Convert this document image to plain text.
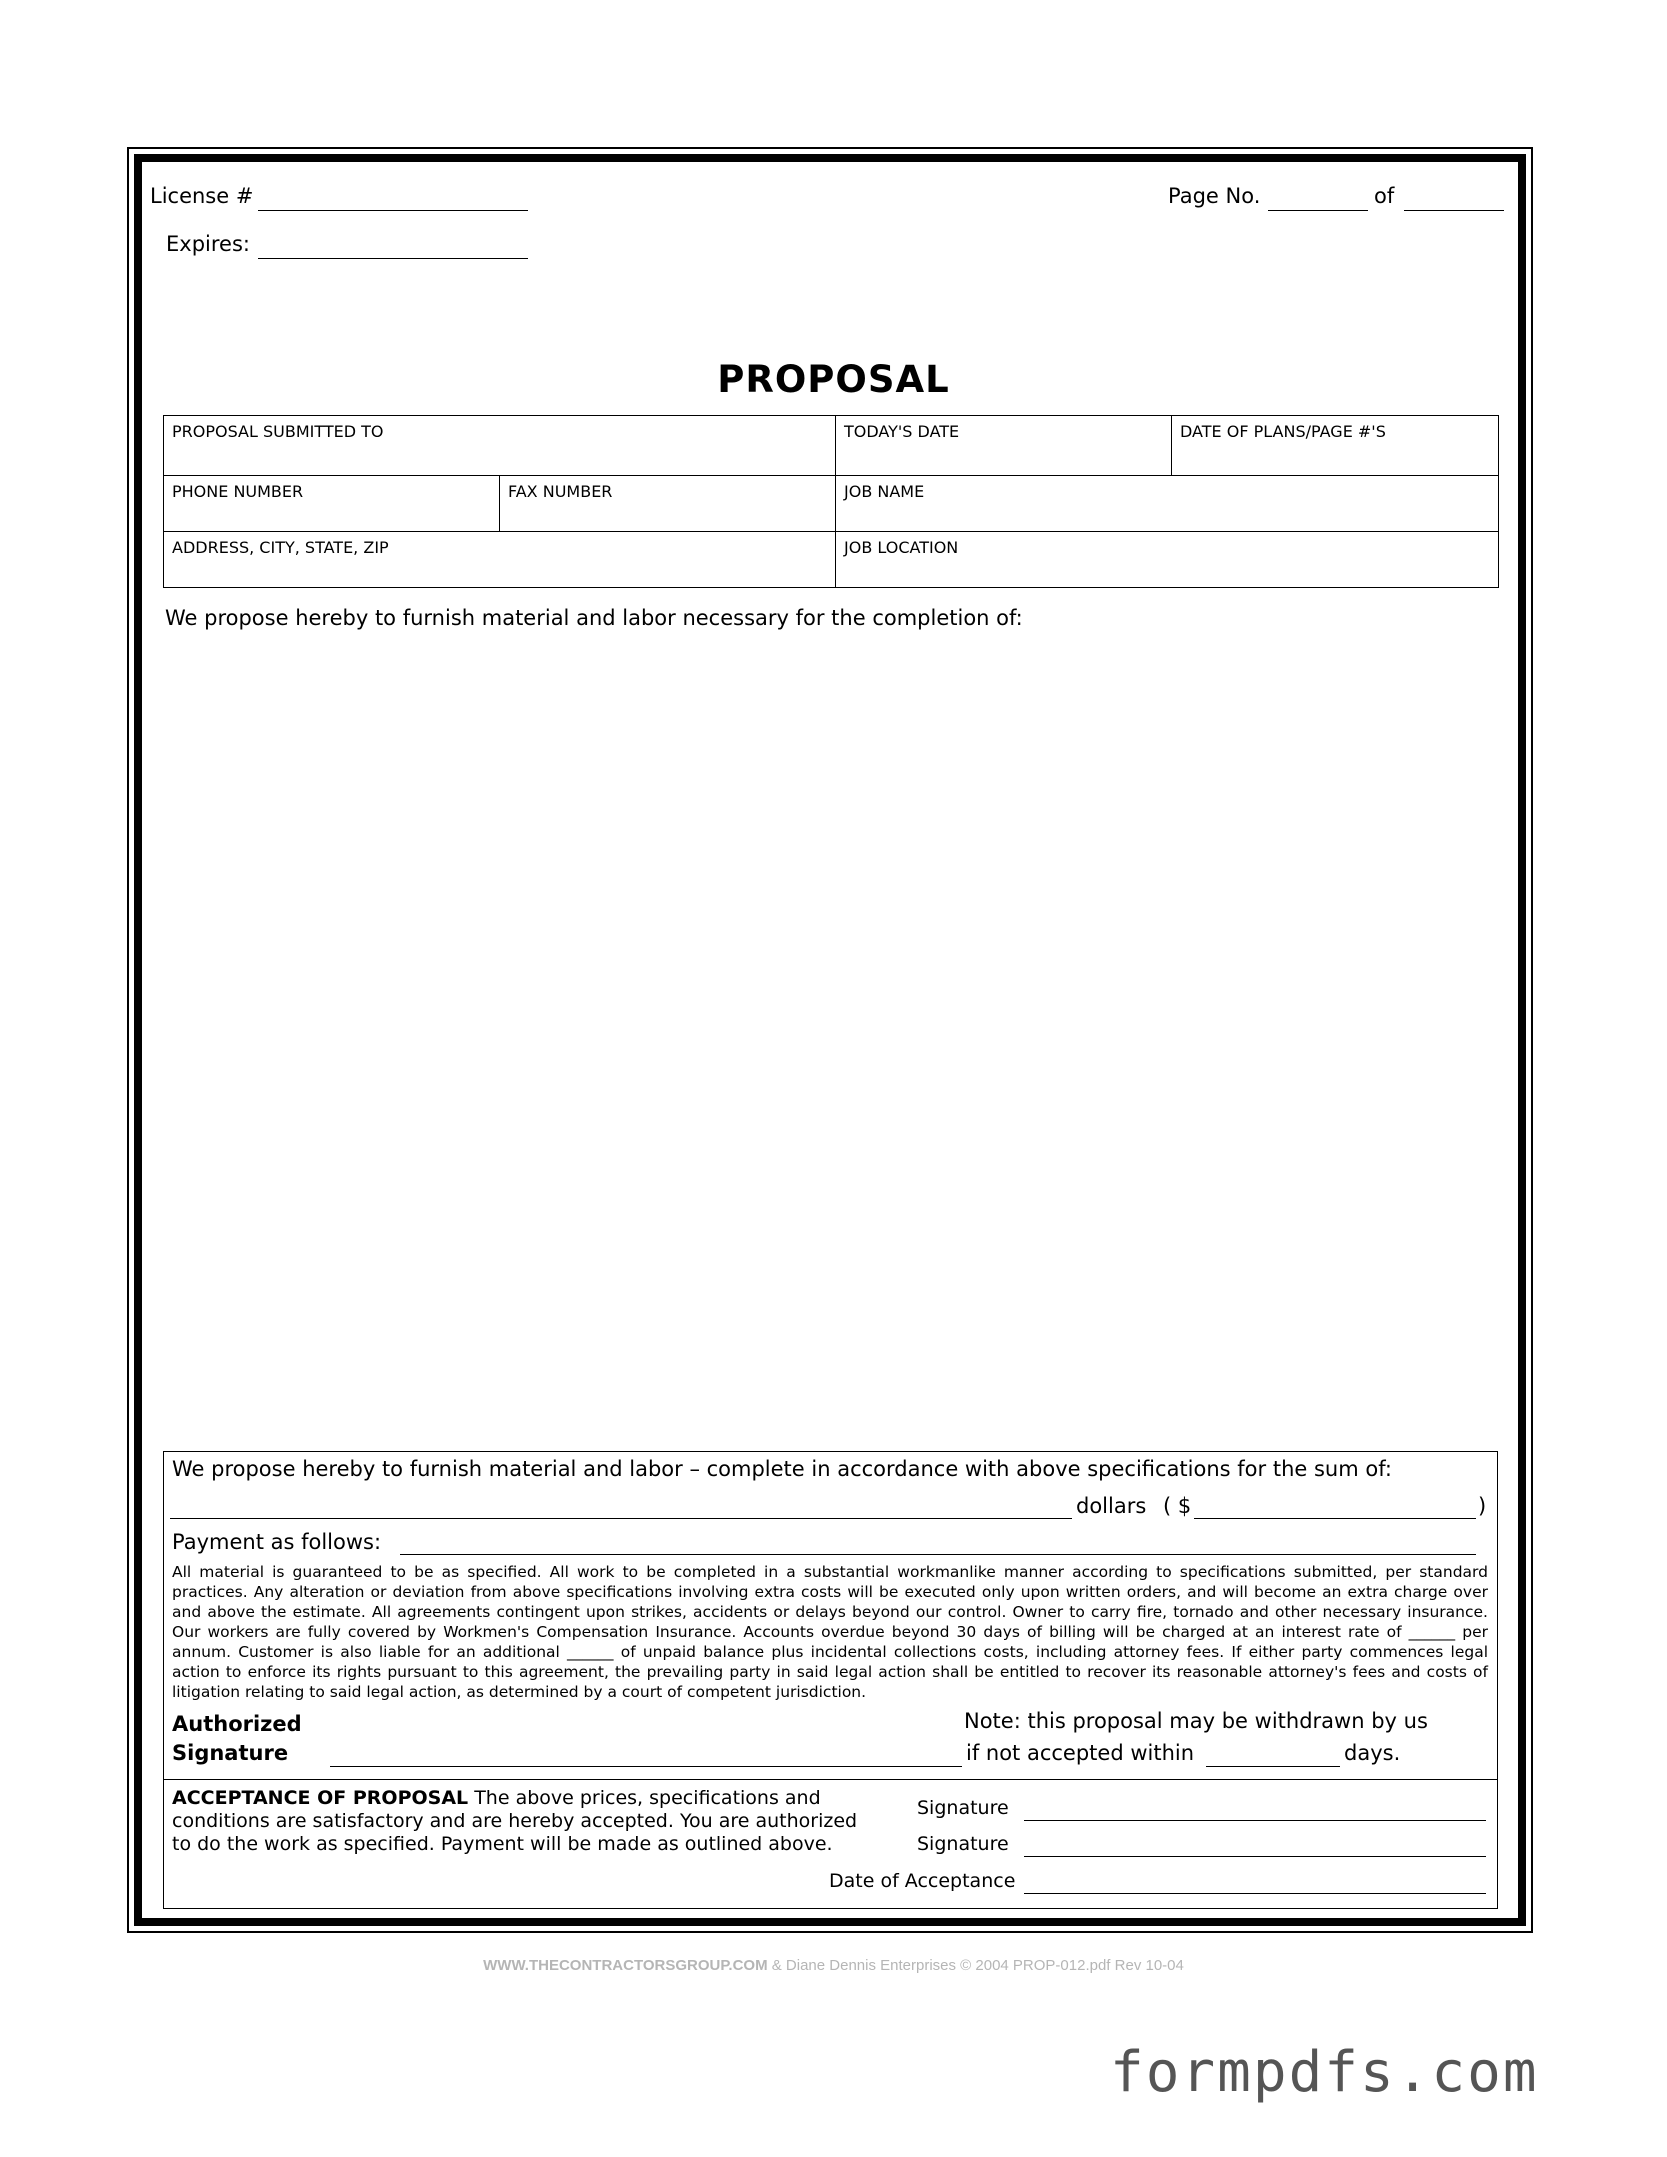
License #
Expires:
Page No.	of
PROPOSAL
PROPOSAL SUBMITTED TO		TODAY'S DATE	DATE OF PLANS/PAGE #'S
PHONE NUMBER	FAX NUMBER	JOB NAME	
ADDRESS, CITY, STATE, ZIP		JOB LOCATION	
We propose hereby to furnish material and labor necessary for the completion of:
We propose hereby to furnish material and labor – complete in accordance with above specifications for the sum of:
dollars ( $	)
Payment as follows:
All material is guaranteed to be as specified. All work to be completed in a substantial workmanlike manner according to specifications submitted, per standard practices. Any alteration or deviation from above specifications involving extra costs will be executed only upon written orders, and will become an extra charge over and above the estimate. All agreements contingent upon strikes, accidents or delays beyond our control. Owner to carry fire, tornado and other necessary insurance. Our workers are fully covered by Workmen's Compensation Insurance. Accounts overdue beyond 30 days of billing will be charged at an interest rate of ______ per annum. Customer is also liable for an additional ______ of unpaid balance plus incidental collections costs, including attorney fees. If either party commences legal action to enforce its rights pursuant to this agreement, the prevailing party in said legal action shall be entitled to recover its reasonable attorney's fees and costs of litigation relating to said legal action, as determined by a court of competent jurisdiction.
Authorized
Signature
Note: this proposal may be withdrawn by us
if not accepted within	days.
ACCEPTANCE OF PROPOSAL The above prices, specifications and
conditions are satisfactory and are hereby accepted. You are authorized
to do the work as specified. Payment will be made as outlined above.
Signature
Signature
Date of Acceptance
WWW.THECONTRACTORSGROUP.COM & Diane Dennis Enterprises © 2004 PROP-012.pdf Rev 10-04
formpdfs.com
